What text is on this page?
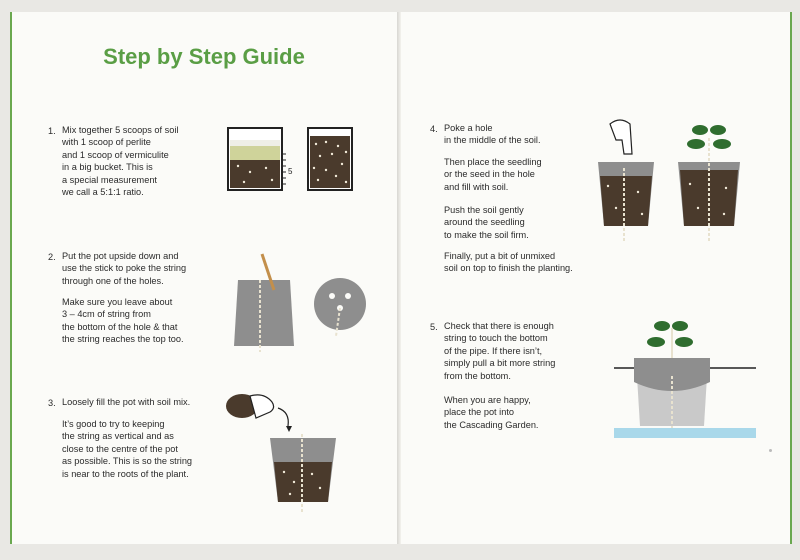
Step by Step Guide
1. Mix together 5 scoops of soil
with 1 scoop of perlite
and 1 scoop of vermiculite
in a big bucket. This is
a special measurement
we call a 5:1:1 ratio.
5
2. Put the pot upside down and
use the stick to poke the string
through one of the holes.
Make sure you leave about
3 – 4cm of string from
the bottom of the hole & that
the string reaches the top too.
3. Loosely fill the pot with soil mix.
It’s good to try to keeping
the string as vertical and as
close to the centre of the pot
as possible. This is so the string
is near to the roots of the plant.
4. Poke a hole
in the middle of the soil.
Then place the seedling
or the seed in the hole
and fill with soil.
Push the soil gently
around the seedling
to make the soil firm.
Finally, put a bit of unmixed
soil on top to finish the planting.
5. Check that there is enough
string to touch the bottom
of the pipe. If there isn’t,
simply pull a bit more string
from the bottom.
When you are happy,
place the pot into
the Cascading Garden.
